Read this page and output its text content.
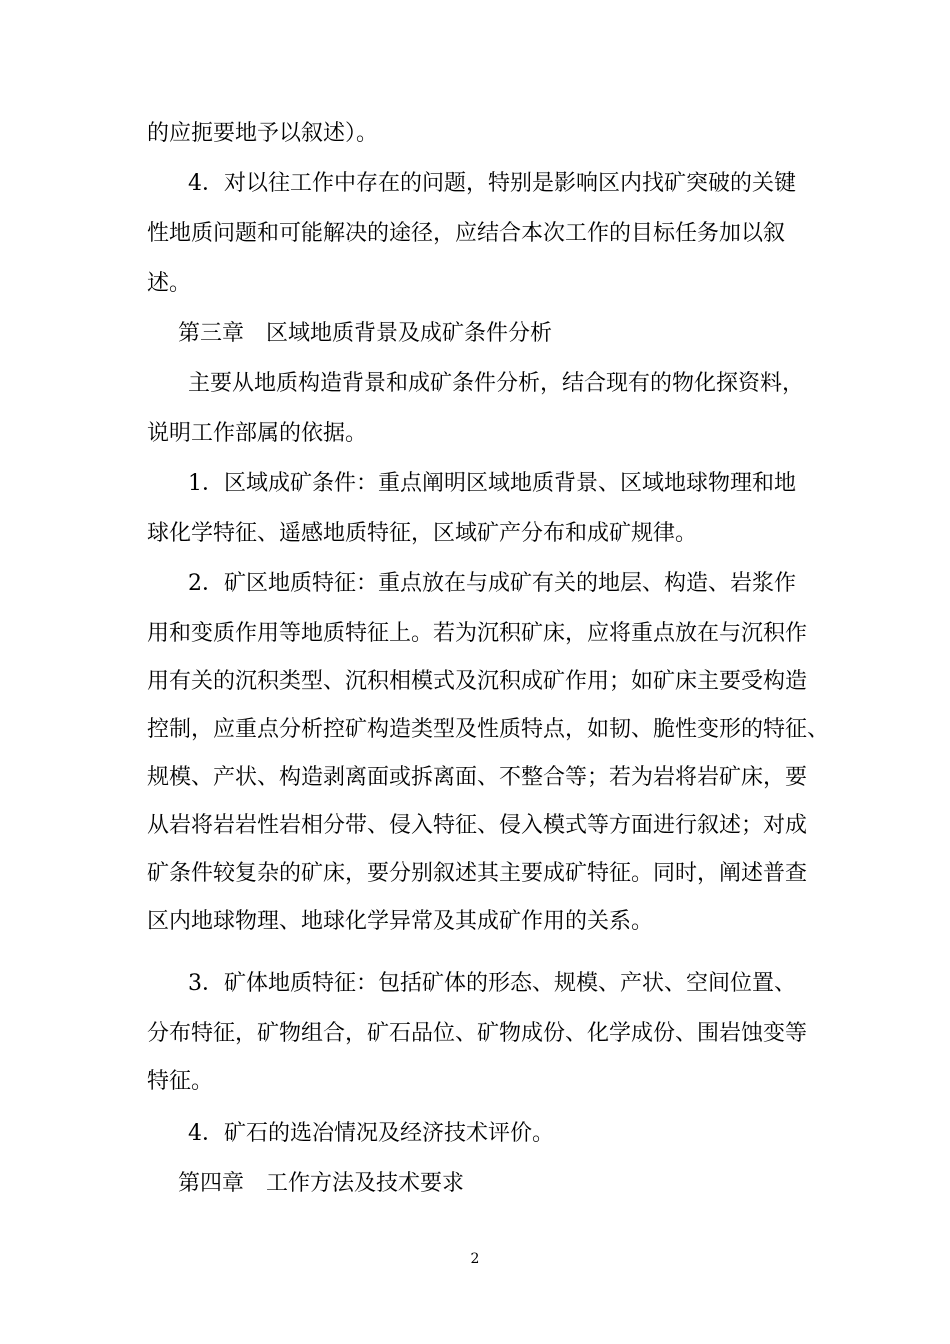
的应扼要地予以叙述）。
4．对以往工作中存在的问题，特别是影响区内找矿突破的关键
性地质问题和可能解决的途径，应结合本次工作的目标任务加以叙
述。
第三章　区域地质背景及成矿条件分析
主要从地质构造背景和成矿条件分析，结合现有的物化探资料，
说明工作部属的依据。
1．区域成矿条件：重点阐明区域地质背景、区域地球物理和地
球化学特征、遥感地质特征，区域矿产分布和成矿规律。
2．矿区地质特征：重点放在与成矿有关的地层、构造、岩浆作
用和变质作用等地质特征上。若为沉积矿床，应将重点放在与沉积作
用有关的沉积类型、沉积相模式及沉积成矿作用；如矿床主要受构造
控制，应重点分析控矿构造类型及性质特点，如韧、脆性变形的特征、
规模、产状、构造剥离面或拆离面、不整合等；若为岩将岩矿床，要
从岩将岩岩性岩相分带、侵入特征、侵入模式等方面进行叙述；对成
矿条件较复杂的矿床，要分别叙述其主要成矿特征。同时，阐述普查
区内地球物理、地球化学异常及其成矿作用的关系。
3．矿体地质特征：包括矿体的形态、规模、产状、空间位置、
分布特征，矿物组合，矿石品位、矿物成份、化学成份、围岩蚀变等
特征。
4．矿石的选冶情况及经济技术评价。
第四章　工作方法及技术要求
2
